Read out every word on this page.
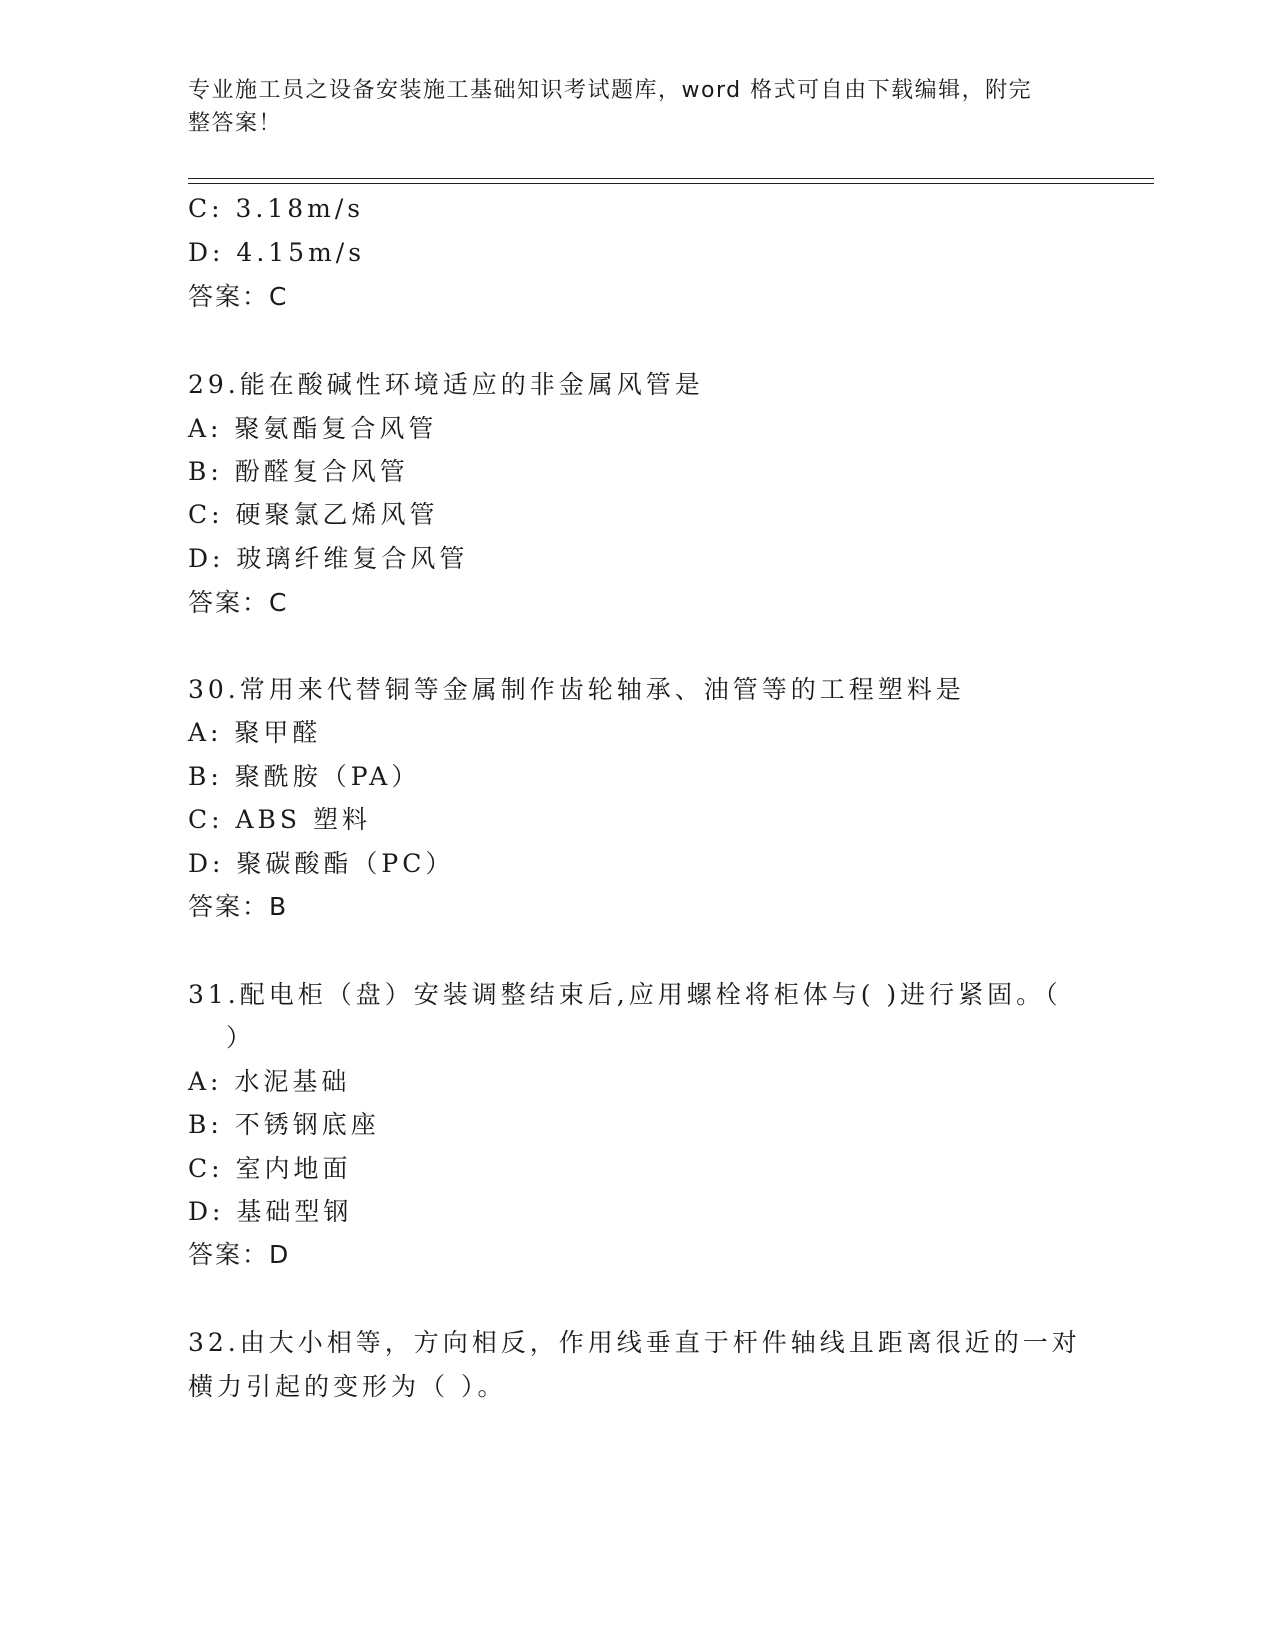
专业施工员之设备安装施工基础知识考试题库，word 格式可自由下载编辑，附完
整答案！
C: 3.18m/s
D: 4.15m/s
答案：C
29.能在酸碱性环境适应的非金属风管是
A: 聚氨酯复合风管
B: 酚醛复合风管
C: 硬聚氯乙烯风管
D: 玻璃纤维复合风管
答案：C
30.常用来代替铜等金属制作齿轮轴承、油管等的工程塑料是
A: 聚甲醛
B: 聚酰胺（PA）
C: ABS 塑料
D: 聚碳酸酯（PC）
答案：B
31.配电柜（盘）安装调整结束后,应用螺栓将柜体与( )进行紧固。（
）
A: 水泥基础
B: 不锈钢底座
C: 室内地面
D: 基础型钢
答案：D
32.由大小相等，方向相反，作用线垂直于杆件轴线且距离很近的一对
横力引起的变形为（ ）。
